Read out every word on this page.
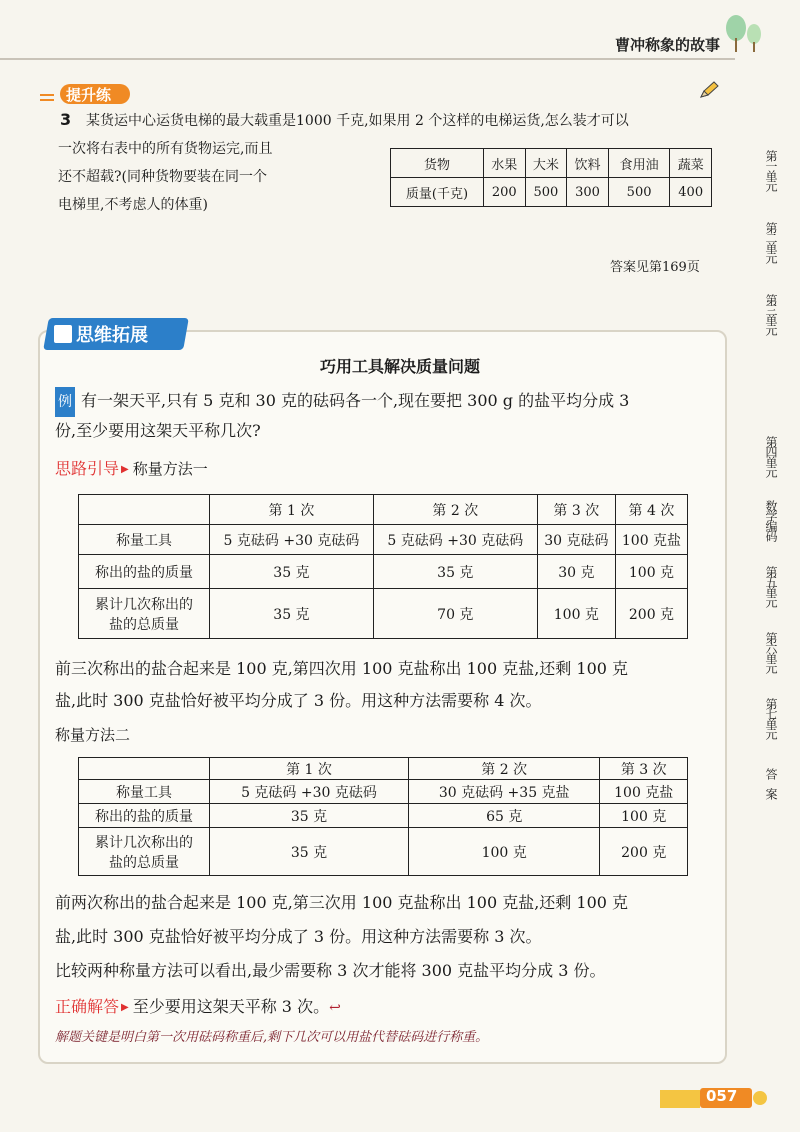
曹冲称象的故事
提升练
3 某货运中心运货电梯的最大载重是1000 千克,如果用 2 个这样的电梯运货,怎么装才可以
一次将右表中的所有货物运完,而且
还不超载?(同种货物要装在同一个
电梯里,不考虑人的体重)
货物	水果	大米	饮料	食用油	蔬菜
质量(千克)	200	500	300	500	400
答案见第169页
第一单元
第二单元
第三单元
第四单元
数学编码
第五单元
第六单元
第七单元
答案
思维拓展
巧用工具解决质量问题
例 有一架天平,只有 5 克和 30 克的砝码各一个,现在要把 300 g 的盐平均分成 3
份,至少要用这架天平称几次?
思路引导 ▶ 称量方法一
	第 1 次	第 2 次	第 3 次	第 4 次
称量工具	5 克砝码 +30 克砝码	5 克砝码 +30 克砝码	30 克砝码	100 克盐
称出的盐的质量	35 克	35 克	30 克	100 克

累计几次称出的
盐的总质量	35 克	70 克	100 克	200 克
前三次称出的盐合起来是 100 克,第四次用 100 克盐称出 100 克盐,还剩 100 克
盐,此时 300 克盐恰好被平均分成了 3 份。用这种方法需要称 4 次。
称量方法二
	第 1 次	第 2 次	第 3 次
称量工具	5 克砝码 +30 克砝码	30 克砝码 +35 克盐	100 克盐
称出的盐的质量	35 克	65 克	100 克

累计几次称出的
盐的总质量	35 克	100 克	200 克
前两次称出的盐合起来是 100 克,第三次用 100 克盐称出 100 克盐,还剩 100 克
盐,此时 300 克盐恰好被平均分成了 3 份。用这种方法需要称 3 次。
比较两种称量方法可以看出,最少需要称 3 次才能将 300 克盐平均分成 3 份。
正确解答 ▶ 至少要用这架天平称 3 次。↩
解题关键是明白第一次用砝码称重后,剩下几次可以用盐代替砝码进行称重。
057
